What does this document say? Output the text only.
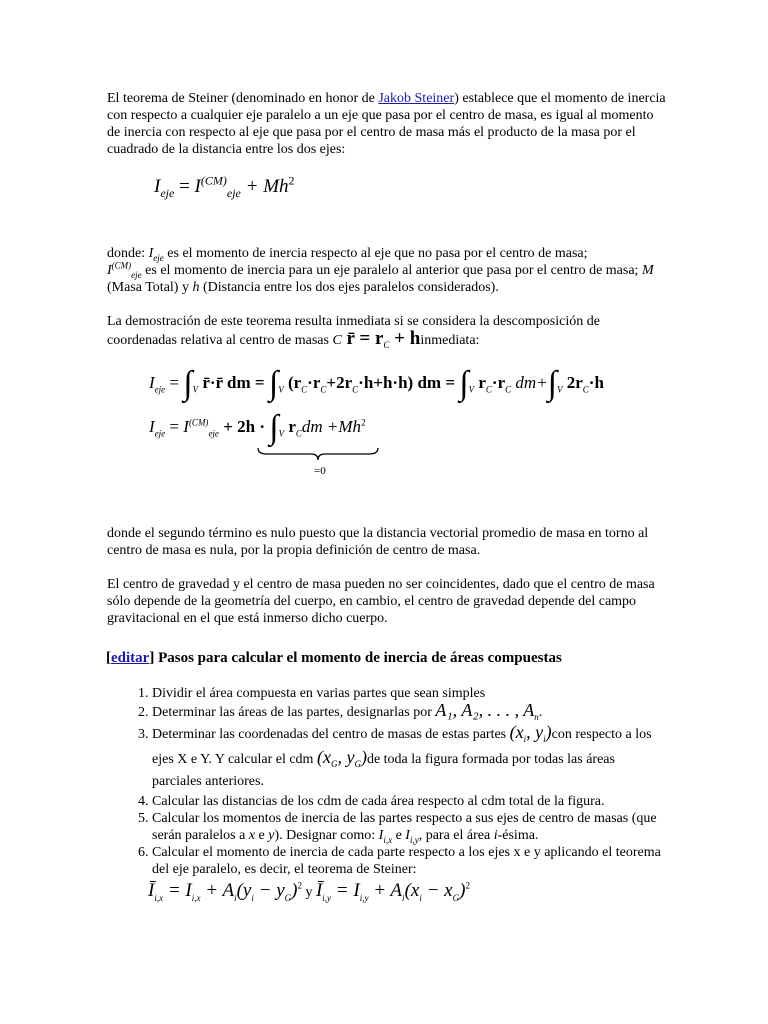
El teorema de Steiner (denominado en honor de Jakob Steiner) establece que el momento de inercia con respecto a cualquier eje paralelo a un eje que pasa por el centro de masa, es igual al momento de inercia con respecto al eje que pasa por el centro de masa más el producto de la masa por el cuadrado de la distancia entre los dos ejes:

$I_{eje} = I^{(CM)}_{eje} + Mh^2$

donde: $I_{eje}$ es el momento de inercia respecto al eje que no pasa por el centro de masa;
$I^{(CM)}_{eje}$ es el momento de inercia para un eje paralelo al anterior que pasa por el centro de masa; M (Masa Total) y h (Distancia entre los dos ejes paralelos considerados).

La demostración de este teorema resulta inmediata si se considera la descomposición de coordenadas relativa al centro de masas C r̄ = $r_C$ + hinmediata:

$I_{eje} = \int_V$ r̄·r̄ dm = $\int_V$ $(r_C\cdot r_C+2r_C\cdot h+h\cdot h)$ dm = $\int_V$ $r_C\cdot r_C$ $dm+\int_V$ $2r_C\cdot h$
$I_{eje} = I^{(CM)}_{eje} + 2h \cdot \int_V$ $r_Cdm +Mh^2$
=0

donde el segundo término es nulo puesto que la distancia vectorial promedio de masa en torno al centro de masa es nula, por la propia definición de centro de masa.

El centro de gravedad y el centro de masa pueden no ser coincidentes, dado que el centro de masa sólo depende de la geometría del cuerpo, en cambio, el centro de gravedad depende del campo gravitacional en el que está inmerso dicho cuerpo.

[editar] Pasos para calcular el momento de inercia de áreas compuestas
1. Dividir el área compuesta en varias partes que sean simples
2. Determinar las áreas de las partes, designarlas por A₁, A₂, . . . , $A_n$.
3. Determinar las coordenadas del centro de masas de estas partes ($x_i$, $y_i)con$ respecto a los ejes X e Y. Y calcular el cdm ($x_G$, $y_G)de$ toda la figura formada por todas las áreas parciales anteriores.
4. Calcular las distancias de los cdm de cada área respecto al cdm total de la figura.
5. Calcular los momentos de inercia de las partes respecto a sus ejes de centro de masas (que serán paralelos a x e y). Designar como: $I_{i,x}$ e $I_{i,y}$, para el área i-ésima.
6. Calcular el momento de inercia de cada parte respecto a los ejes x e y aplicando el teorema del eje paralelo, es decir, el teorema de Steiner:
$Ī_{i,x} = I_{i,x} + A_i(y_i - y_G)^2$ y $Ī_{i,y} = I_{i,y} + A_i(x_i - x_G)^2$
